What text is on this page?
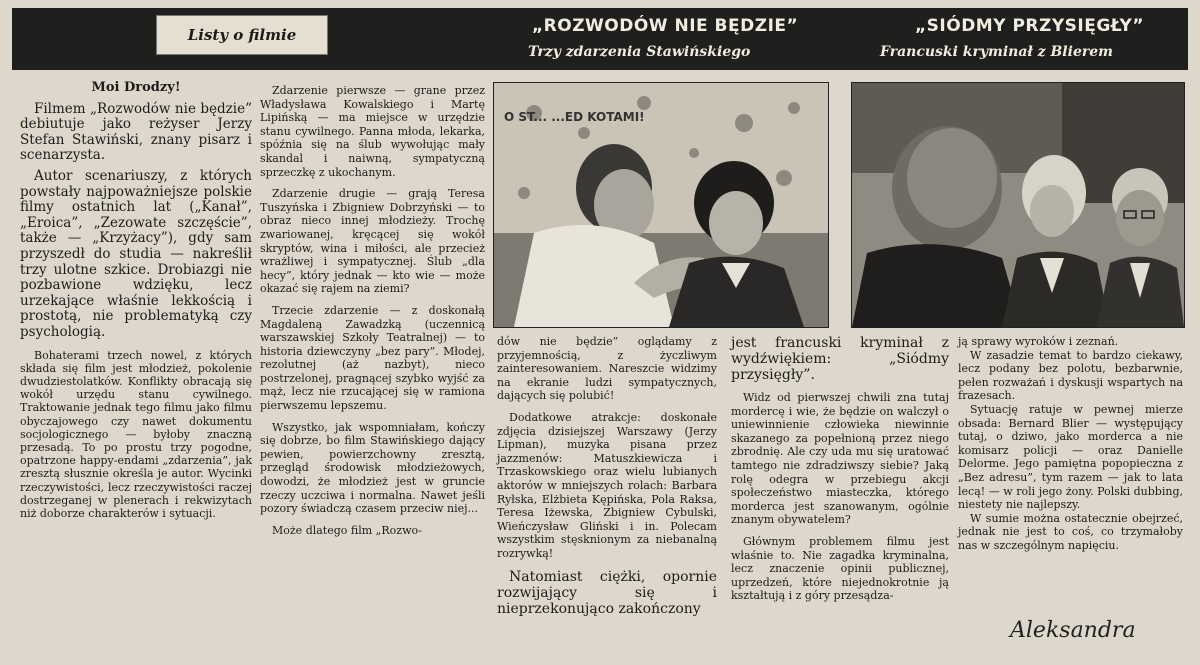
Listy o filmie	„ROZWODÓW NIE BĘDZIE”
Trzy zdarzenia Stawińskiego
„SIÓDMY PRZYSIĘGŁY”
Francuski kryminał z Blierem
Moi Drodzy!

Filmem „Rozwodów nie będzie” debiutuje jako reżyser Jerzy Stefan Stawiński, znany pisarz i scenarzysta.

Autor scenariuszy, z których powstały najpoważniejsze polskie filmy ostatnich lat („Kanał”, „Eroica”, „Zezowate szczęście”, także — „Krzyżacy”), gdy sam przyszedł do studia — nakreślił trzy ulotne szkice. Drobiazgi nie pozbawione wdzięku, lecz urzekające właśnie lekkością i prostotą, nie problematyką czy psychologią.

Bohaterami trzech nowel, z których składa się film jest młodzież, pokolenie dwudziestolatków. Konflikty obracają się wokół urzędu stanu cywilnego. Traktowanie jednak tego filmu jako filmu obyczajowego czy nawet dokumentu socjologicznego — byłoby znaczną przesadą. To po prostu trzy pogodne, opatrzone happy-endami „zdarzenia”, jak zresztą słusznie określa je autor. Wycinki rzeczywistości, lecz rzeczywistości raczej dostrzeganej w plenerach i rekwizytach niż doborze charakterów i sytuacji.

Zdarzenie pierwsze — grane przez Władysława Kowalskiego i Martę Lipińską — ma miejsce w urzędzie stanu cywilnego. Panna młoda, lekarka, spóźnia się na ślub wywołując mały skandal i naiwną, sympatyczną sprzeczkę z ukochanym.

Zdarzenie drugie — grają Teresa Tuszyńska i Zbigniew Dobrzyński — to obraz nieco innej młodzieży. Trochę zwariowanej, kręcącej się wokół skryptów, wina i miłości, ale przecież wrażliwej i sympatycznej. Ślub „dla hecy”, który jednak — kto wie — może okazać się rajem na ziemi?

Trzecie zdarzenie — z doskonałą Magdaleną Zawadzką (uczennicą warszawskiej Szkoły Teatralnej) — to historia dziewczyny „bez pary”. Młodej, rezolutnej (aż nazbyt), nieco postrzelonej, pragnącej szybko wyjść za mąż, lecz nie rzucającej się w ramiona pierwszemu lepszemu.

Wszystko, jak wspomniałam, kończy się dobrze, bo film Stawińskiego dający pewien, powierzchowny zresztą, przegląd środowisk młodzieżowych, dowodzi, że młodzież jest w gruncie rzeczy uczciwa i normalna. Nawet jeśli pozory świadczą czasem przeciw niej...

Może dlatego film „Rozwo-

O ST... ...ED KOTAMI!

dów nie będzie” oglądamy z przyjemnością, z życzliwym zainteresowaniem. Nareszcie widzimy na ekranie ludzi sympatycznych, dających się polubić!

Dodatkowe atrakcje: doskonałe zdjęcia dzisiejszej Warszawy (Jerzy Lipman), muzyka pisana przez jazzmenów: Matuszkiewicza i Trzaskowskiego oraz wielu lubianych aktorów w mniejszych rolach: Barbara Ryłska, Elżbieta Kępińska, Pola Raksa, Teresa Iżewska, Zbigniew Cybulski, Wieńczysław Gliński i in. Polecam wszystkim stęsknionym za niebanalną rozrywką!

Natomiast ciężki, opornie rozwijający się i nieprzekonująco zakończony

jest francuski kryminał z wydźwiękiem: „Siódmy przysięgły”.

Widz od pierwszej chwili zna tutaj mordercę i wie, że będzie on walczył o uniewinnienie człowieka niewinnie skazanego za popełnioną przez niego zbrodnię. Ale czy uda mu się uratować tamtego nie zdradziwszy siebie? Jaką rolę odegra w przebiegu akcji społeczeństwo miasteczka, którego morderca jest szanowanym, ogólnie znanym obywatelem?

Głównym problemem filmu jest właśnie to. Nie zagadka kryminalna, lecz znaczenie opinii publicznej, uprzedzeń, które niejednokrotnie ją kształtują i z góry przesądza-

ją sprawy wyroków i zeznań.

W zasadzie temat to bardzo ciekawy, lecz podany bez polotu, bezbarwnie, pełen rozważań i dyskusji wspartych na frazesach.

Sytuację ratuje w pewnej mierze obsada: Bernard Blier — występujący tutaj, o dziwo, jako morderca a nie komisarz policji — oraz Danielle Delorme. Jego pamiętna popopieczna z „Bez adresu”, tym razem — jak to lata lecą! — w roli jego żony. Polski dubbing, niestety nie najlepszy.

W sumie można ostatecznie obejrzeć, jednak nie jest to coś, co trzymałoby nas w szczególnym napięciu.

Aleksandra
